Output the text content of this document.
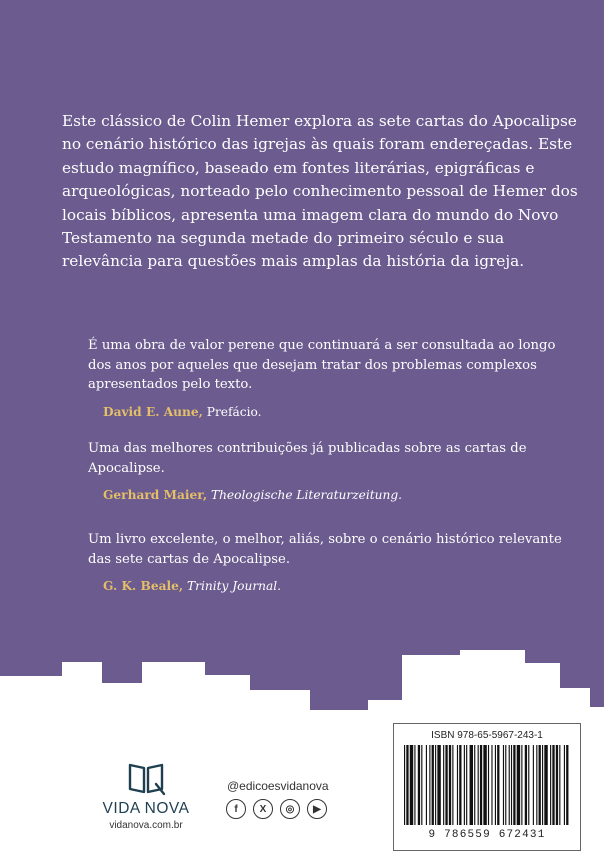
Este clássico de Colin Hemer explora as sete cartas do Apocalipse no cenário histórico das igrejas às quais foram endereçadas. Este estudo magnífico, baseado em fontes literárias, epigráficas e arqueológicas, norteado pelo conhecimento pessoal de Hemer dos locais bíblicos, apresenta uma imagem clara do mundo do Novo Testamento na segunda metade do primeiro século e sua relevância para questões mais amplas da história da igreja.

É uma obra de valor perene que continuará a ser consultada ao longo dos anos por aqueles que desejam tratar dos problemas complexos apresentados pelo texto.

David E. Aune, Prefácio.

Uma das melhores contribuições já publicadas sobre as cartas de Apocalipse.

Gerhard Maier, Theologische Literaturzeitung.

Um livro excelente, o melhor, aliás, sobre o cenário histórico relevante das sete cartas de Apocalipse.

G. K. Beale, Trinity Journal.

VIDA NOVA
vidanova.com.br
@edicoesvidanova
f	X	◎	▶
ISBN 978-65-5967-243-1
9 786559 672431
